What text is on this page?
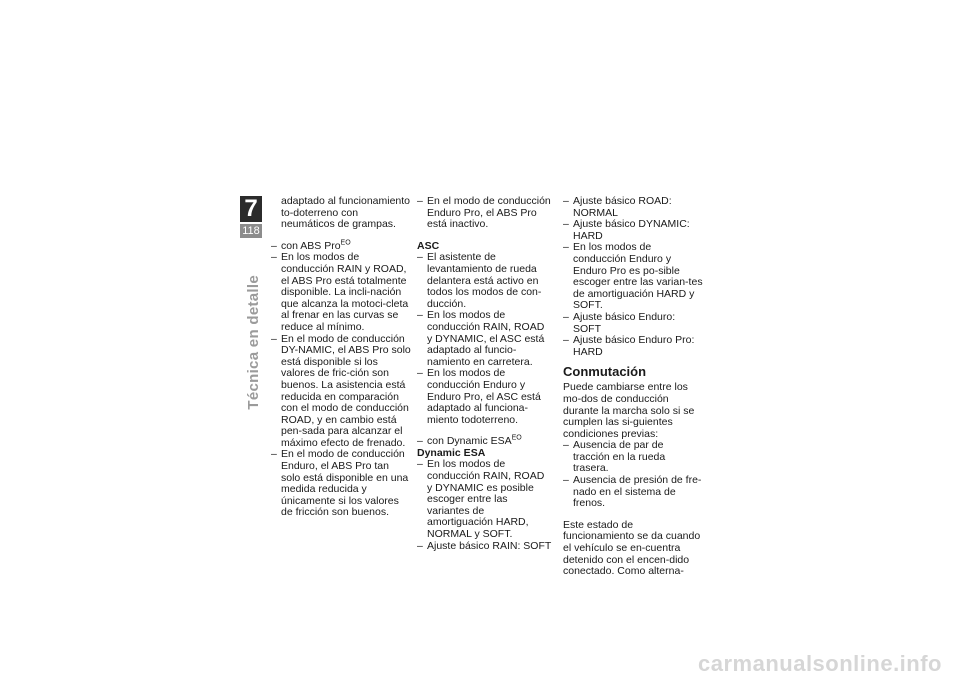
7
118
Técnica en detalle

adaptado al funcionamiento to-doterreno con neumáticos de grampas.

– con ABS Pro$^{EO}$
– En los modos de conducción RAIN y ROAD, el ABS Pro está totalmente disponible. La incli-nación que alcanza la motoci-cleta al frenar en las curvas se reduce al mínimo.
– En el modo de conducción DY-NAMIC, el ABS Pro solo está disponible si los valores de fric-ción son buenos. La asistencia está reducida en comparación con el modo de conducción ROAD, y en cambio está pen-sada para alcanzar el máximo efecto de frenado.
– En el modo de conducción Enduro, el ABS Pro tan solo está disponible en una medida reducida y únicamente si los valores de fricción son buenos.
– En el modo de conducción Enduro Pro, el ABS Pro está inactivo.

ASC

– El asistente de levantamiento de rueda delantera está activo en todos los modos de con-ducción.
– En los modos de conducción RAIN, ROAD y DYNAMIC, el ASC está adaptado al funcio-namiento en carretera.
– En los modos de conducción Enduro y Enduro Pro, el ASC está adaptado al funciona-miento todoterreno.
– con Dynamic $ESA^{EO}$

Dynamic ESA

– En los modos de conducción RAIN, ROAD y DYNAMIC es posible escoger entre las variantes de amortiguación HARD, NORMAL y SOFT.
– Ajuste básico RAIN: SOFT
– Ajuste básico ROAD: NORMAL
– Ajuste básico DYNAMIC: HARD
– En los modos de conducción Enduro y Enduro Pro es po-sible escoger entre las varian-tes de amortiguación HARD y SOFT.
– Ajuste básico Enduro: SOFT
– Ajuste básico Enduro Pro: HARD

Conmutación

Puede cambiarse entre los mo-dos de conducción durante la marcha solo si se cumplen las si-guientes condiciones previas:

– Ausencia de par de tracción en la rueda trasera.
– Ausencia de presión de fre-nado en el sistema de frenos.

Este estado de funcionamiento se da cuando el vehículo se en-cuentra detenido con el encen-dido conectado. Como alterna-

carmanualsonline.info
